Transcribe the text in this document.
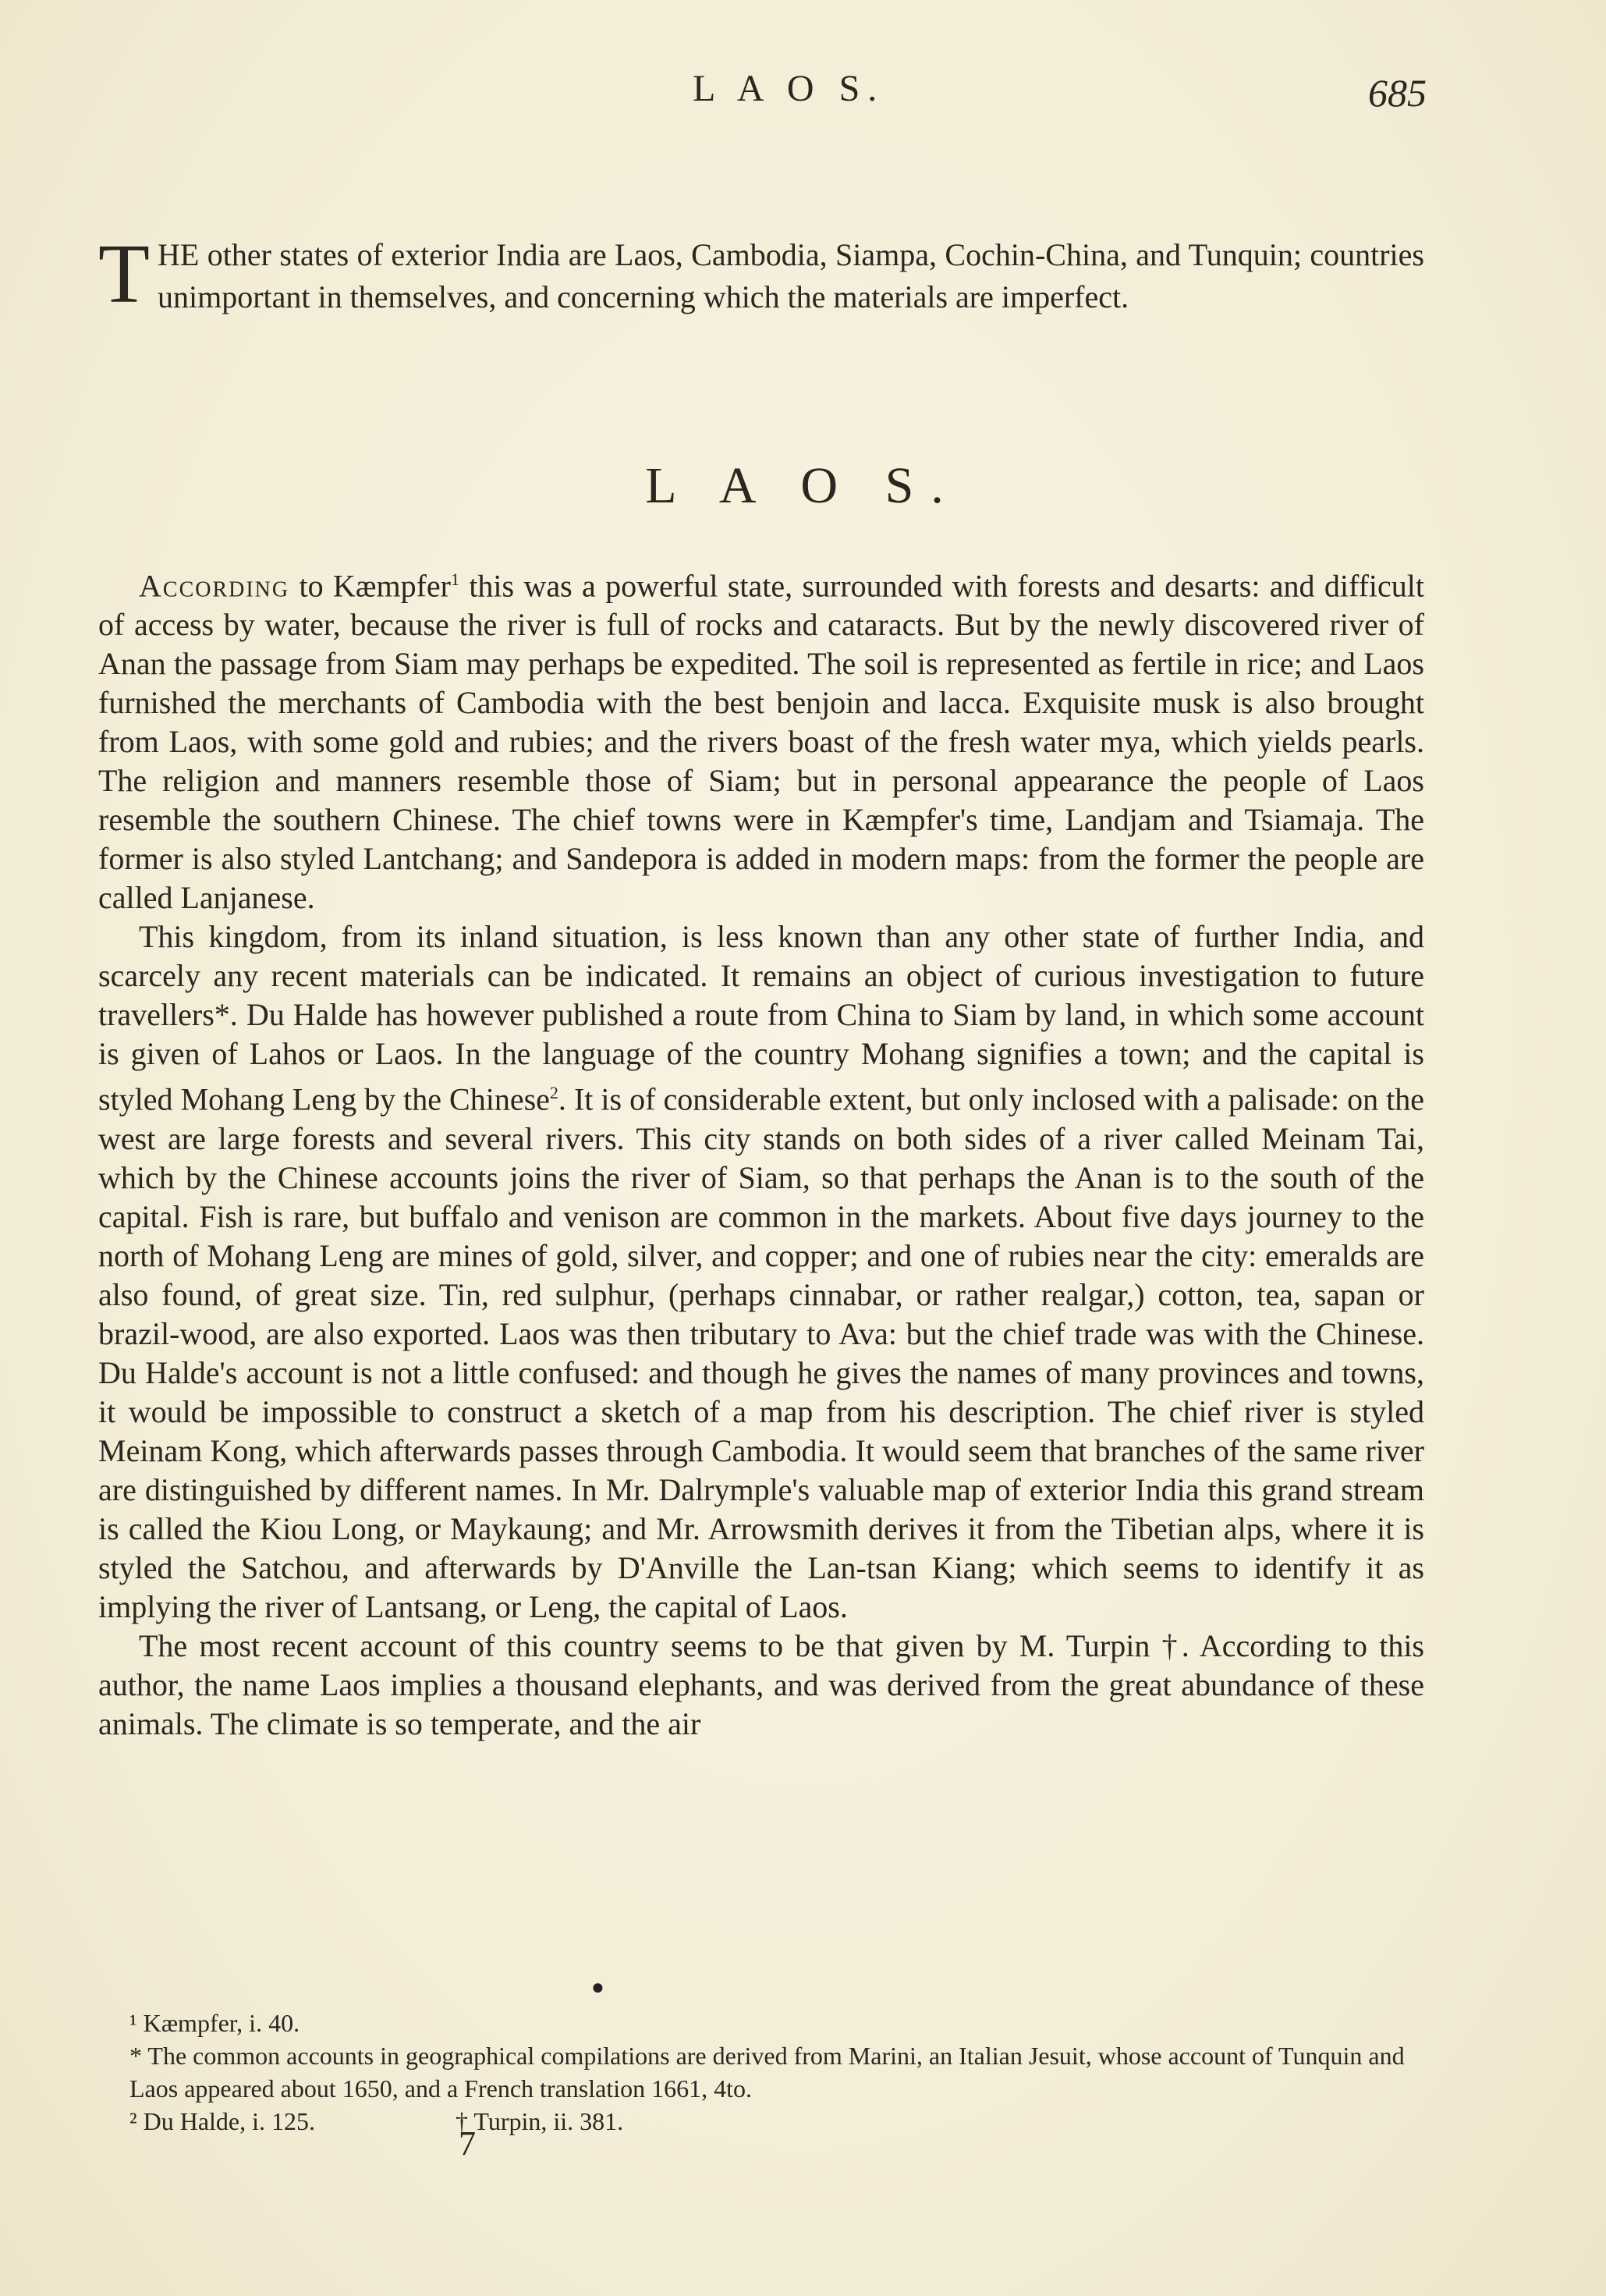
L A O S.	685
T HE other states of exterior India are Laos, Cambodia, Siampa, Cochin-China, and Tunquin; countries unimportant in themselves, and concerning which the materials are imperfect.
L A O S.

According to Kæmpfer$^1$ this was a powerful state, surrounded with forests and desarts: and difficult of access by water, because the river is full of rocks and cataracts. But by the newly discovered river of Anan the passage from Siam may perhaps be expedited. The soil is represented as fertile in rice; and Laos furnished the merchants of Cambodia with the best benjoin and lacca. Exquisite musk is also brought from Laos, with some gold and rubies; and the rivers boast of the fresh water mya, which yields pearls. The religion and manners resemble those of Siam; but in personal appearance the people of Laos resemble the southern Chinese. The chief towns were in Kæmpfer's time, Landjam and Tsiamaja. The former is also styled Lantchang; and Sandepora is added in modern maps: from the former the people are called Lanjanese.

This kingdom, from its inland situation, is less known than any other state of further India, and scarcely any recent materials can be indicated. It remains an object of curious investigation to future travellers*. Du Halde has however published a route from China to Siam by land, in which some account is given of Lahos or Laos. In the language of the country Mohang signifies a town; and the capital is styled Mohang Leng by the Chinese$^2$. It is of considerable extent, but only inclosed with a palisade: on the west are large forests and several rivers. This city stands on both sides of a river called Meinam Tai, which by the Chinese accounts joins the river of Siam, so that perhaps the Anan is to the south of the capital. Fish is rare, but buffalo and venison are common in the markets. About five days journey to the north of Mohang Leng are mines of gold, silver, and copper; and one of rubies near the city: emeralds are also found, of great size. Tin, red sulphur, (perhaps cinnabar, or rather realgar,) cotton, tea, sapan or brazil-wood, are also exported. Laos was then tributary to Ava: but the chief trade was with the Chinese. Du Halde's account is not a little confused: and though he gives the names of many provinces and towns, it would be impossible to construct a sketch of a map from his description. The chief river is styled Meinam Kong, which afterwards passes through Cambodia. It would seem that branches of the same river are distinguished by different names. In Mr. Dalrymple's valuable map of exterior India this grand stream is called the Kiou Long, or Maykaung; and Mr. Arrowsmith derives it from the Tibetian alps, where it is styled the Satchou, and afterwards by D'Anville the Lan-tsan Kiang; which seems to identify it as implying the river of Lantsang, or Leng, the capital of Laos.

The most recent account of this country seems to be that given by M. Turpin †. According to this author, the name Laos implies a thousand elephants, and was derived from the great abundance of these animals. The climate is so temperate, and the air

●

¹ Kæmpfer, i. 40.

* The common accounts in geographical compilations are derived from Marini, an Italian Jesuit, whose account of Tunquin and Laos appeared about 1650, and a French translation 1661, 4to.

² Du Halde, i. 125.	† Turpin, ii. 381.
7
